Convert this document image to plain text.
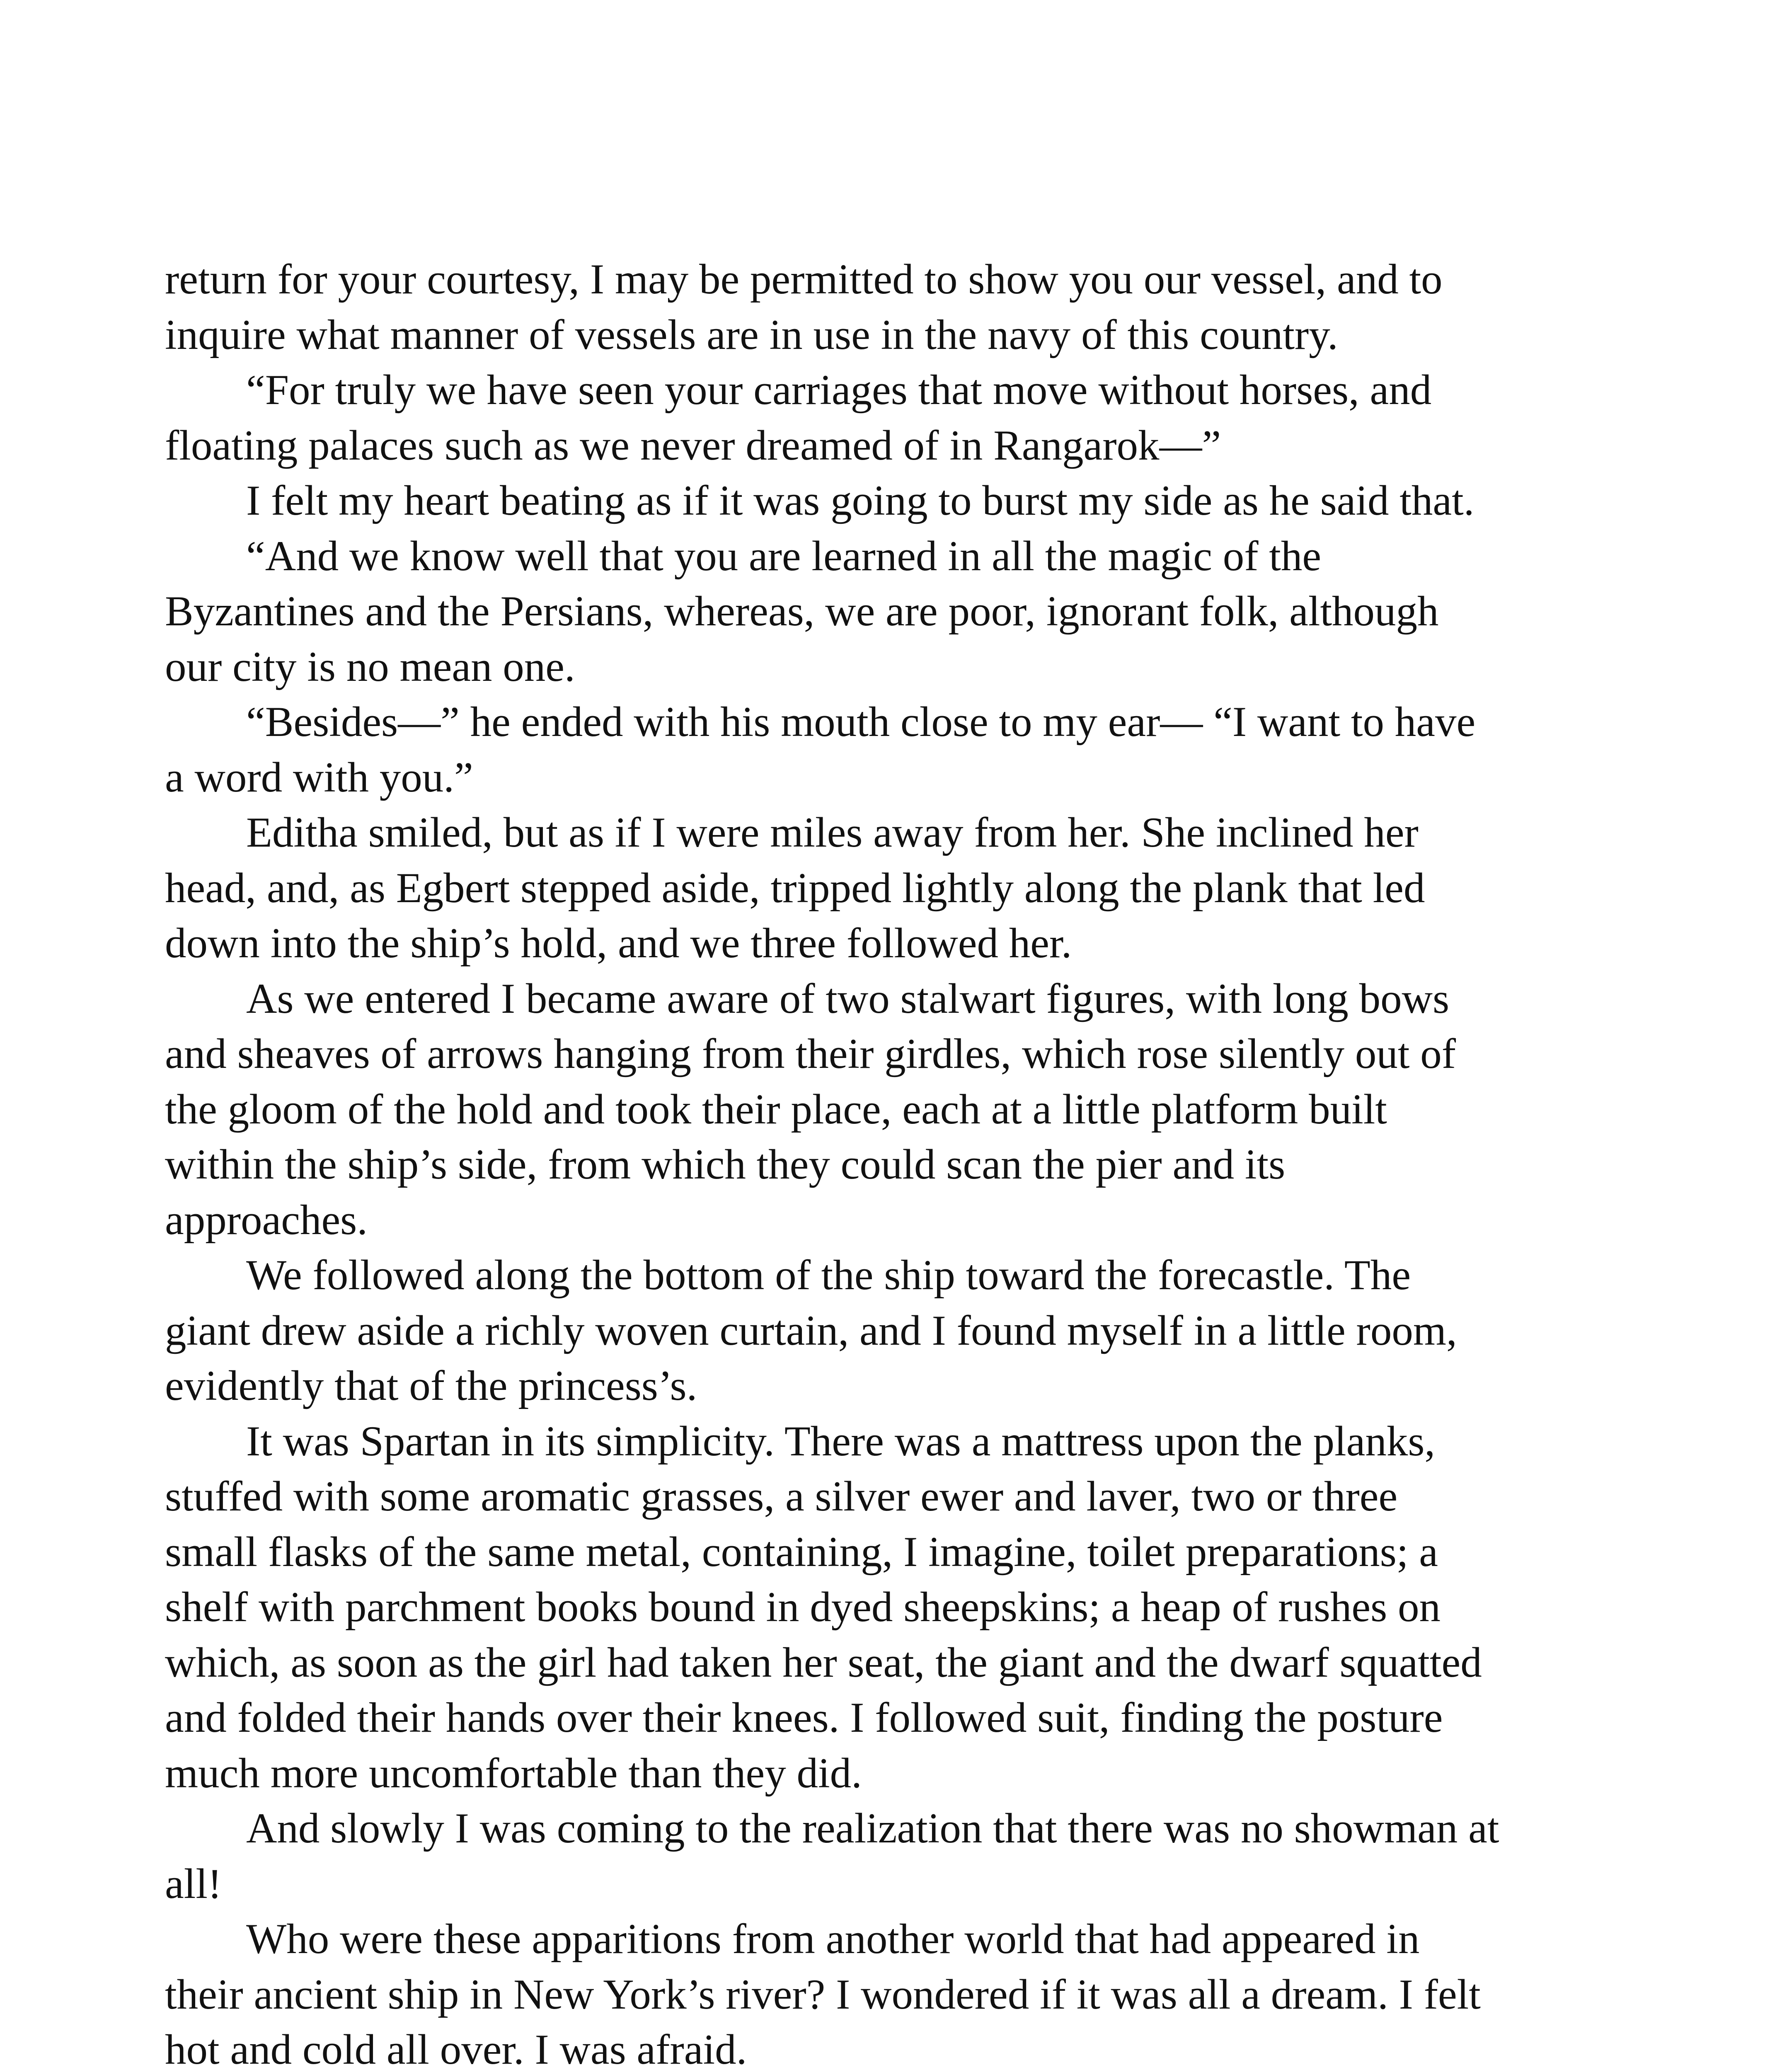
return for your courtesy, I may be permitted to show you our vessel, and to
inquire what manner of vessels are in use in the navy of this country.
“For truly we have seen your carriages that move without horses, and
floating palaces such as we never dreamed of in Rangarok—”
I felt my heart beating as if it was going to burst my side as he said that.
“And we know well that you are learned in all the magic of the
Byzantines and the Persians, whereas, we are poor, ignorant folk, although
our city is no mean one.
“Besides—” he ended with his mouth close to my ear— “I want to have
a word with you.”
Editha smiled, but as if I were miles away from her. She inclined her
head, and, as Egbert stepped aside, tripped lightly along the plank that led
down into the ship’s hold, and we three followed her.
As we entered I became aware of two stalwart figures, with long bows
and sheaves of arrows hanging from their girdles, which rose silently out of
the gloom of the hold and took their place, each at a little platform built
within the ship’s side, from which they could scan the pier and its
approaches.
We followed along the bottom of the ship toward the forecastle. The
giant drew aside a richly woven curtain, and I found myself in a little room,
evidently that of the princess’s.
It was Spartan in its simplicity. There was a mattress upon the planks,
stuffed with some aromatic grasses, a silver ewer and laver, two or three
small flasks of the same metal, containing, I imagine, toilet preparations; a
shelf with parchment books bound in dyed sheepskins; a heap of rushes on
which, as soon as the girl had taken her seat, the giant and the dwarf squatted
and folded their hands over their knees. I followed suit, finding the posture
much more uncomfortable than they did.
And slowly I was coming to the realization that there was no showman at
all!
Who were these apparitions from another world that had appeared in
their ancient ship in New York’s river? I wondered if it was all a dream. I felt
hot and cold all over. I was afraid.
